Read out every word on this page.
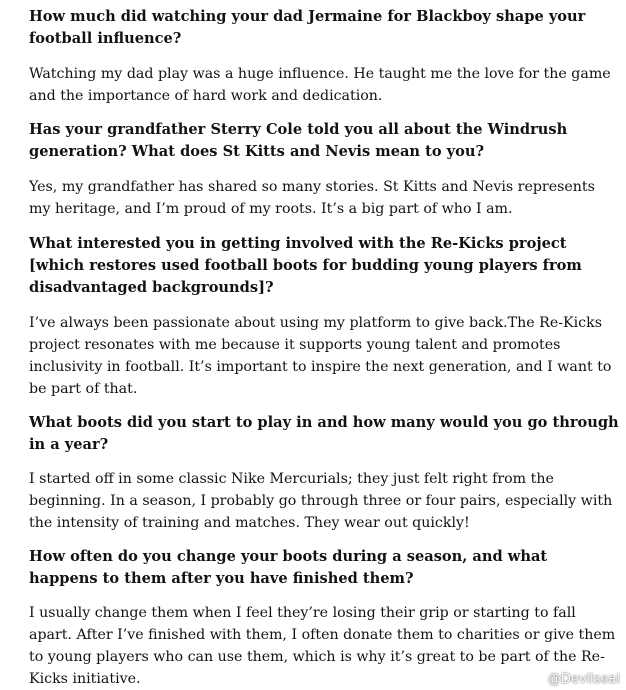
How much did watching your dad Jermaine for Blackboy shape your football influence?

Watching my dad play was a huge influence. He taught me the love for the game and the importance of hard work and dedication.

Has your grandfather Sterry Cole told you all about the Windrush generation? What does St Kitts and Nevis mean to you?

Yes, my grandfather has shared so many stories. St Kitts and Nevis represents my heritage, and I’m proud of my roots. It’s a big part of who I am.

What interested you in getting involved with the Re-Kicks project [which restores used football boots for budding young players from disadvantaged backgrounds]?

I’ve always been passionate about using my platform to give back.The Re-Kicks project resonates with me because it supports young talent and promotes inclusivity in football. It’s important to inspire the next generation, and I want to be part of that.

What boots did you start to play in and how many would you go through in a year?

I started off in some classic Nike Mercurials; they just felt right from the beginning. In a season, I probably go through three or four pairs, especially with the intensity of training and matches. They wear out quickly!

How often do you change your boots during a season, and what happens to them after you have finished them?

I usually change them when I feel they’re losing their grip or starting to fall apart. After I’ve finished with them, I often donate them to charities or give them to young players who can use them, which is why it’s great to be part of the Re-Kicks initiative.	@Devilseal
